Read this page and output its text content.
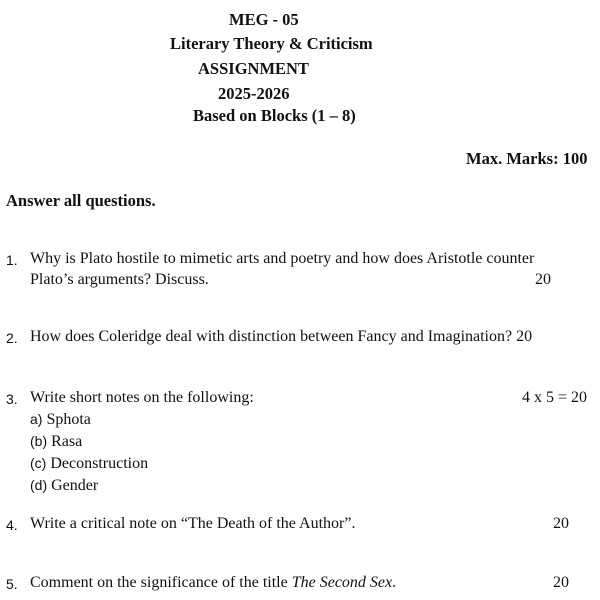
MEG - 05
Literary Theory & Criticism
ASSIGNMENT
2025-2026
Based on Blocks (1 – 8)
Max. Marks: 100
Answer all questions.
1. Why is Plato hostile to mimetic arts and poetry and how does Aristotle counter
Plato’s arguments? Discuss.	20
2. How does Coleridge deal with distinction between Fancy and Imagination? 20
3. Write short notes on the following:	4 x 5 = 20
a) Sphota
(b) Rasa
(c) Deconstruction
(d) Gender
4. Write a critical note on “The Death of the Author”.	20
5. Comment on the significance of the title The Second Sex.	20
